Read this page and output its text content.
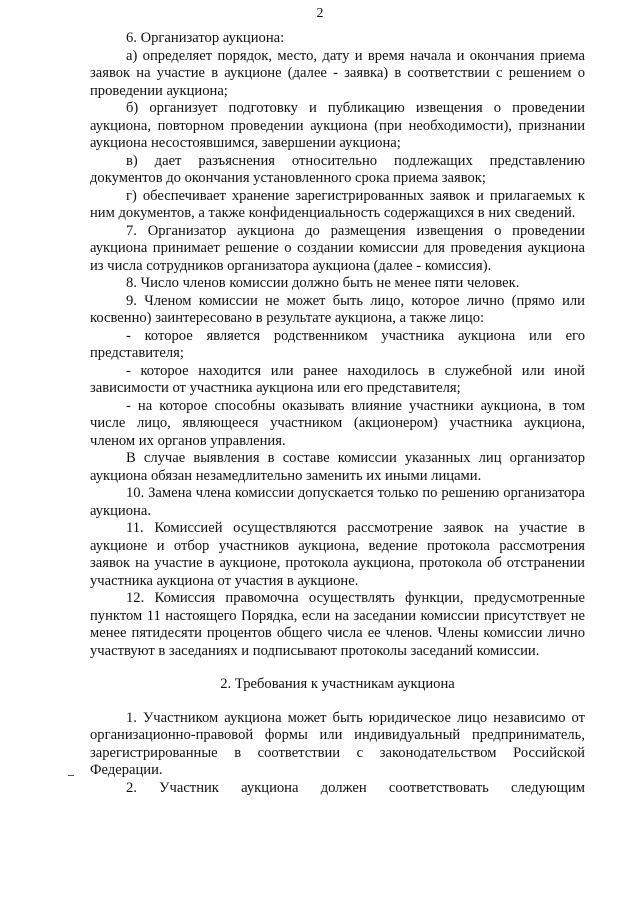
2

6. Организатор аукциона:

а) определяет порядок, место, дату и время начала и окончания приема заявок на участие в аукционе (далее - заявка) в соответствии с решением о проведении аукциона;

б) организует подготовку и публикацию извещения о проведении аукциона, повторном проведении аукциона (при необходимости), признании аукциона несостоявшимся, завершении аукциона;

в) дает разъяснения относительно подлежащих представлению документов до окончания установленного срока приема заявок;

г) обеспечивает хранение зарегистрированных заявок и прилагаемых к ним документов, а также конфиденциальность содержащихся в них сведений.

7. Организатор аукциона до размещения извещения о проведении аукциона принимает решение о создании комиссии для проведения аукциона из числа сотрудников организатора аукциона (далее - комиссия).

8. Число членов комиссии должно быть не менее пяти человек.

9. Членом комиссии не может быть лицо, которое лично (прямо или косвенно) заинтересовано в результате аукциона, а также лицо:

- которое является родственником участника аукциона или его представителя;

- которое находится или ранее находилось в служебной или иной зависимости от участника аукциона или его представителя;

- на которое способны оказывать влияние участники аукциона, в том числе лицо, являющееся участником (акционером) участника аукциона, членом их органов управления.

В случае выявления в составе комиссии указанных лиц организатор аукциона обязан незамедлительно заменить их иными лицами.

10. Замена члена комиссии допускается только по решению организатора аукциона.

11. Комиссией осуществляются рассмотрение заявок на участие в аукционе и отбор участников аукциона, ведение протокола рассмотрения заявок на участие в аукционе, протокола аукциона, протокола об отстранении участника аукциона от участия в аукционе.

12. Комиссия правомочна осуществлять функции, предусмотренные пунктом 11 настоящего Порядка, если на заседании комиссии присутствует не менее пятидесяти процентов общего числа ее членов. Члены комиссии лично участвуют в заседаниях и подписывают протоколы заседаний комиссии.

2. Требования к участникам аукциона

1. Участником аукциона может быть юридическое лицо независимо от организационно-правовой формы или индивидуальный предприниматель, зарегистрированные в соответствии с законодательством Российской Федерации.

2. Участник аукциона должен соответствовать следующим
